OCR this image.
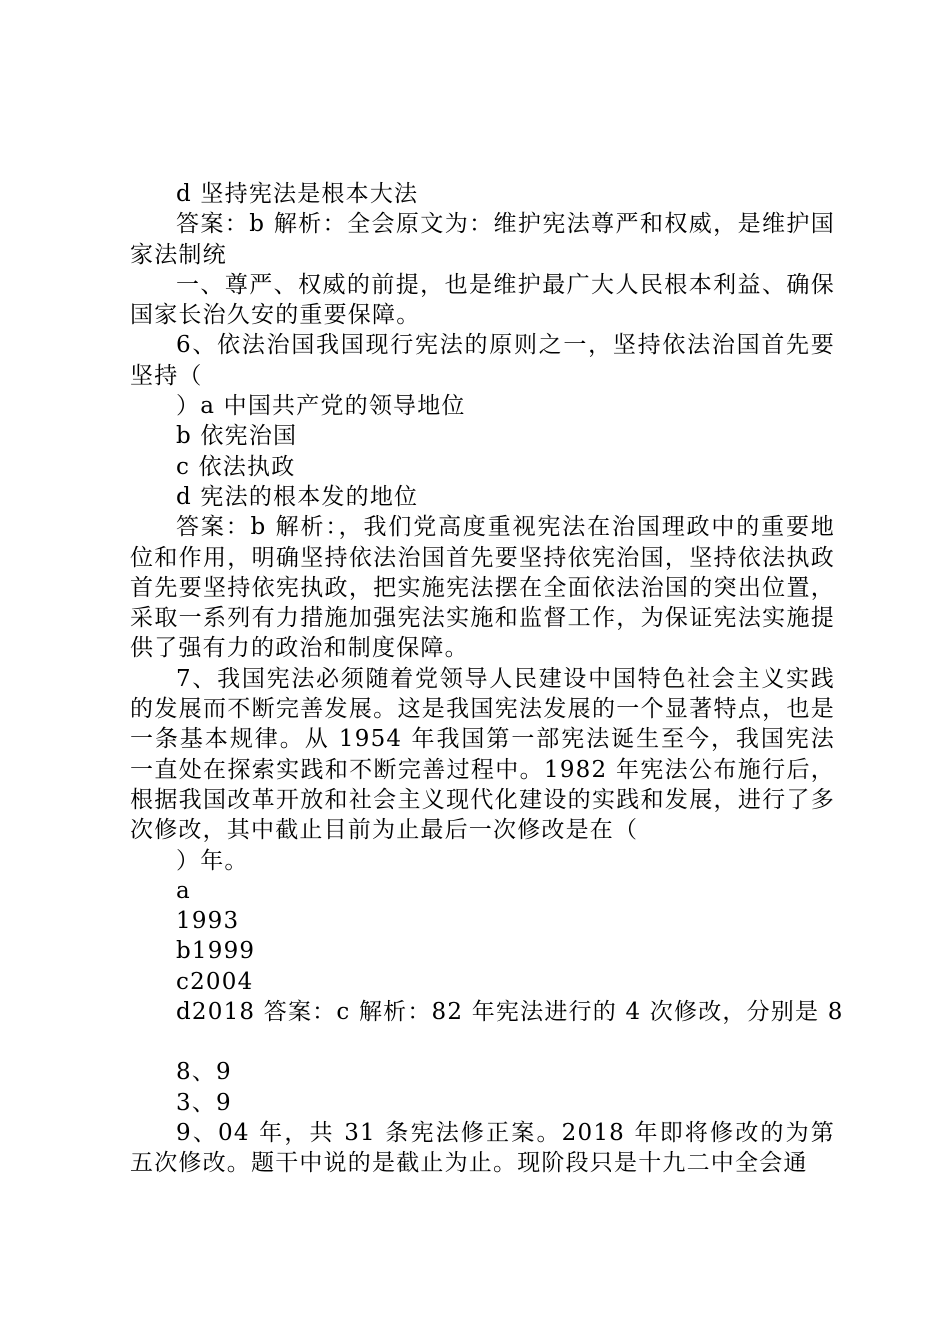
d 坚持宪法是根本大法

答案：b 解析：全会原文为：维护宪法尊严和权威，是维护国家法制统

一、尊严、权威的前提，也是维护最广大人民根本利益、确保国家长治久安的重要保障。

6、依法治国我国现行宪法的原则之一，坚持依法治国首先要坚持（

）a 中国共产党的领导地位

b 依宪治国

c 依法执政

d 宪法的根本发的地位

答案：b 解析：，我们党高度重视宪法在治国理政中的重要地位和作用，明确坚持依法治国首先要坚持依宪治国，坚持依法执政首先要坚持依宪执政，把实施宪法摆在全面依法治国的突出位置，采取一系列有力措施加强宪法实施和监督工作，为保证宪法实施提供了强有力的政治和制度保障。

7、我国宪法必须随着党领导人民建设中国特色社会主义实践的发展而不断完善发展。这是我国宪法发展的一个显著特点，也是一条基本规律。从 1954 年我国第一部宪法诞生至今，我国宪法一直处在探索实践和不断完善过程中。1982 年宪法公布施行后，根据我国改革开放和社会主义现代化建设的实践和发展，进行了多次修改，其中截止目前为止最后一次修改是在（

）年。

a

1993

b1999

c2004

d2018 答案：c 解析：82 年宪法进行的 4 次修改，分别是 8

8、9

3、9

9、04 年，共 31 条宪法修正案。2018 年即将修改的为第五次修改。题干中说的是截止为止。现阶段只是十九二中全会通
